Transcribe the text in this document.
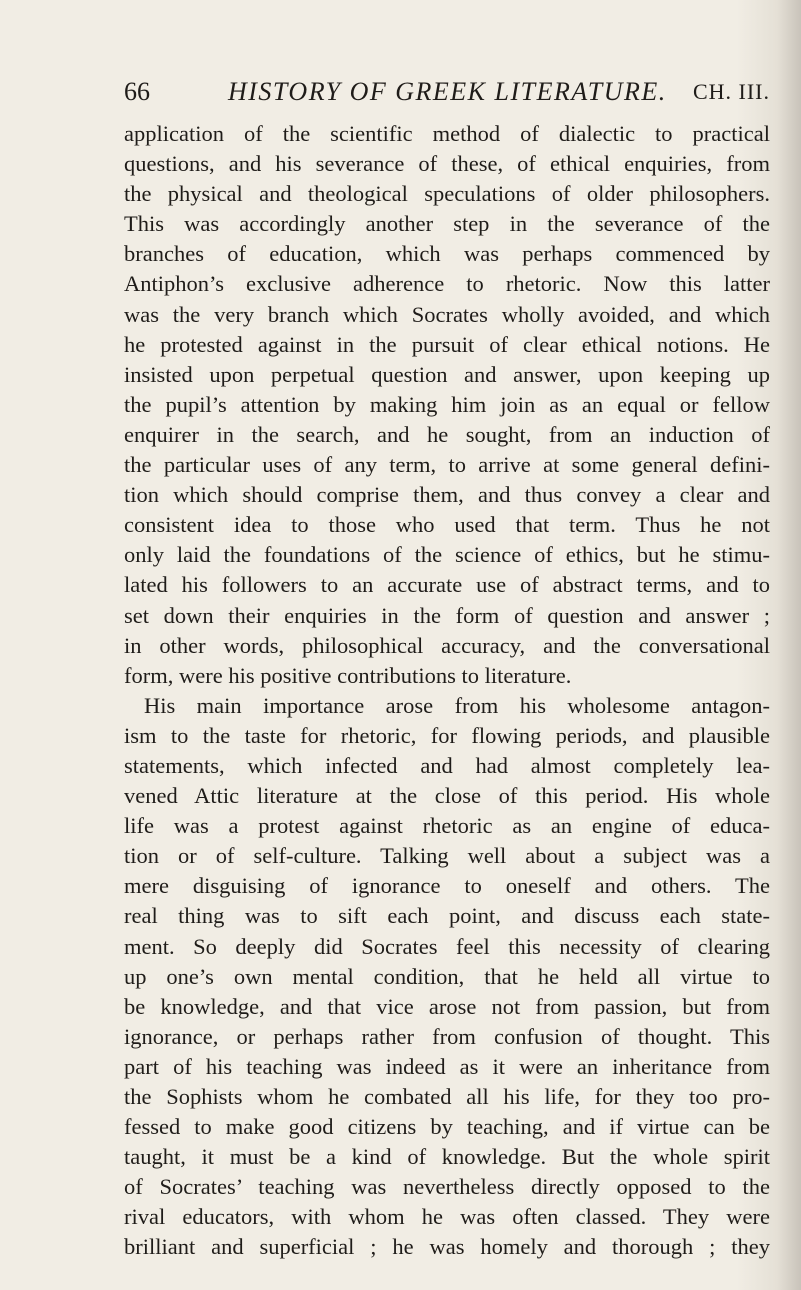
66	HISTORY OF GREEK LITERATURE. CH. III.
application of the scientific method of dialectic to practical
questions, and his severance of these, of ethical enquiries, from
the physical and theological speculations of older philosophers.
This was accordingly another step in the severance of the
branches of education, which was perhaps commenced by
Antiphon’s exclusive adherence to rhetoric. Now this latter
was the very branch which Socrates wholly avoided, and which
he protested against in the pursuit of clear ethical notions. He
insisted upon perpetual question and answer, upon keeping up
the pupil’s attention by making him join as an equal or fellow
enquirer in the search, and he sought, from an induction of
the particular uses of any term, to arrive at some general defini-
tion which should comprise them, and thus convey a clear and
consistent idea to those who used that term. Thus he not
only laid the foundations of the science of ethics, but he stimu-
lated his followers to an accurate use of abstract terms, and to
set down their enquiries in the form of question and answer ;
in other words, philosophical accuracy, and the conversational
form, were his positive contributions to literature.
His main importance arose from his wholesome antagon-
ism to the taste for rhetoric, for flowing periods, and plausible
statements, which infected and had almost completely lea-
vened Attic literature at the close of this period. His whole
life was a protest against rhetoric as an engine of educa-
tion or of self-culture. Talking well about a subject was a
mere disguising of ignorance to oneself and others. The
real thing was to sift each point, and discuss each state-
ment. So deeply did Socrates feel this necessity of clearing
up one’s own mental condition, that he held all virtue to
be knowledge, and that vice arose not from passion, but from
ignorance, or perhaps rather from confusion of thought. This
part of his teaching was indeed as it were an inheritance from
the Sophists whom he combated all his life, for they too pro-
fessed to make good citizens by teaching, and if virtue can be
taught, it must be a kind of knowledge. But the whole spirit
of Socrates’ teaching was nevertheless directly opposed to the
rival educators, with whom he was often classed. They were
brilliant and superficial ; he was homely and thorough ; they
